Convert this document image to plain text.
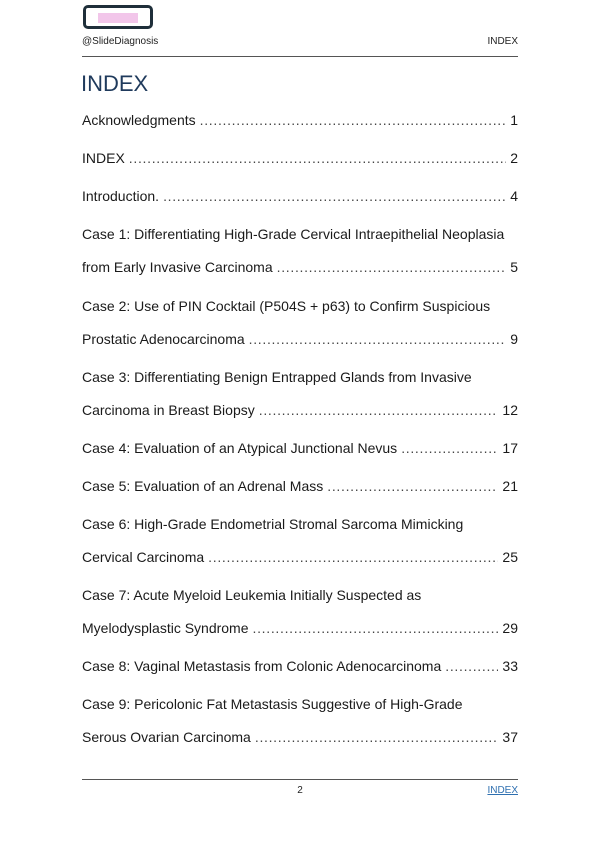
@SlideDiagnosis	INDEX
INDEX
Acknowledgments . . .	1
INDEX . . .	2
Introduction. . . .	4
Case 1: Differentiating High-Grade Cervical Intraepithelial Neoplasia
from Early Invasive Carcinoma . . .	5
Case 2: Use of PIN Cocktail (P504S + p63) to Confirm Suspicious
Prostatic Adenocarcinoma . . .	9
Case 3: Differentiating Benign Entrapped Glands from Invasive
Carcinoma in Breast Biopsy . . .	12
Case 4: Evaluation of an Atypical Junctional Nevus . . .	17
Case 5: Evaluation of an Adrenal Mass . . .	21
Case 6: High-Grade Endometrial Stromal Sarcoma Mimicking
Cervical Carcinoma . . .	25
Case 7: Acute Myeloid Leukemia Initially Suspected as
Myelodysplastic Syndrome . . .	29
Case 8: Vaginal Metastasis from Colonic Adenocarcinoma . . .	33
Case 9: Pericolonic Fat Metastasis Suggestive of High-Grade
Serous Ovarian Carcinoma . . .	37
2	INDEX
